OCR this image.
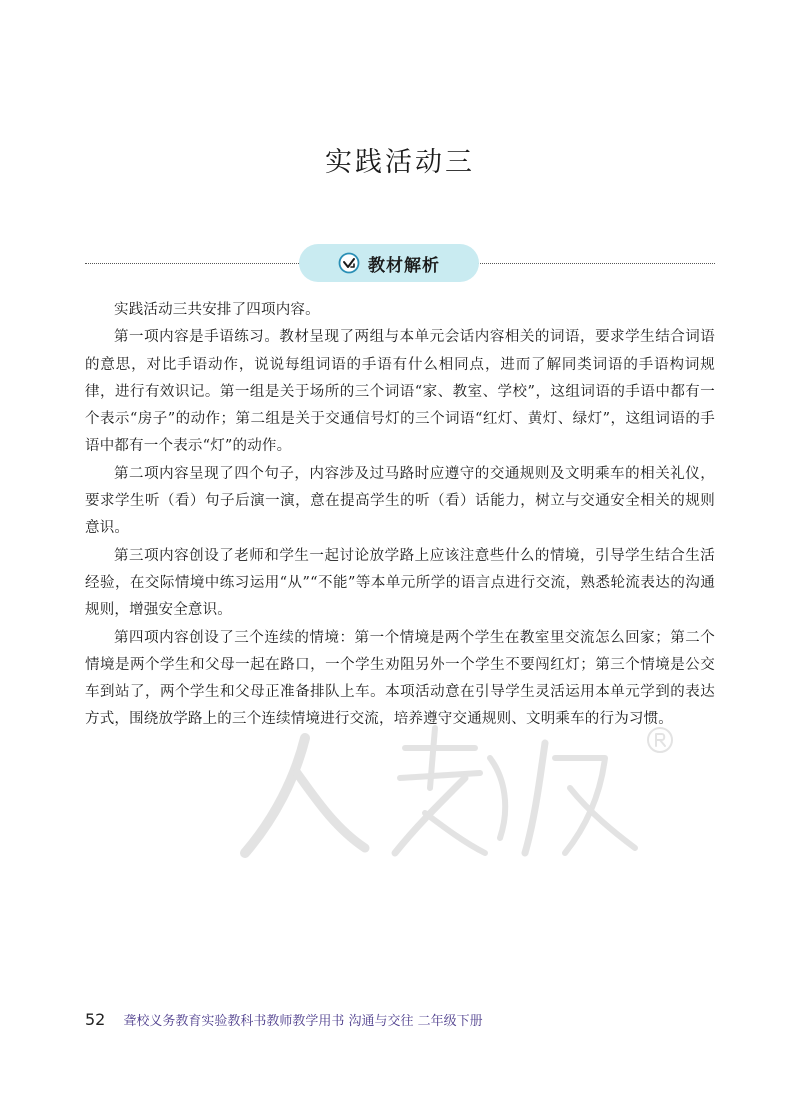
实践活动三
教材解析

实践活动三共安排了四项内容。

第一项内容是手语练习。教材呈现了两组与本单元会话内容相关的词语，要求学生结合词语的意思，对比手语动作，说说每组词语的手语有什么相同点，进而了解同类词语的手语构词规律，进行有效识记。第一组是关于场所的三个词语“家、教室、学校”，这组词语的手语中都有一个表示“房子”的动作；第二组是关于交通信号灯的三个词语“红灯、黄灯、绿灯”，这组词语的手语中都有一个表示“灯”的动作。

第二项内容呈现了四个句子，内容涉及过马路时应遵守的交通规则及文明乘车的相关礼仪，要求学生听（看）句子后演一演，意在提高学生的听（看）话能力，树立与交通安全相关的规则意识。

第三项内容创设了老师和学生一起讨论放学路上应该注意些什么的情境，引导学生结合生活经验，在交际情境中练习运用“从”“不能”等本单元所学的语言点进行交流，熟悉轮流表达的沟通规则，增强安全意识。

第四项内容创设了三个连续的情境：第一个情境是两个学生在教室里交流怎么回家；第二个情境是两个学生和父母一起在路口，一个学生劝阻另外一个学生不要闯红灯；第三个情境是公交车到站了，两个学生和父母正准备排队上车。本项活动意在引导学生灵活运用本单元学到的表达方式，围绕放学路上的三个连续情境进行交流，培养遵守交通规则、文明乘车的行为习惯。

52 聋校义务教育实验教科书教师教学用书 沟通与交往 二年级下册
